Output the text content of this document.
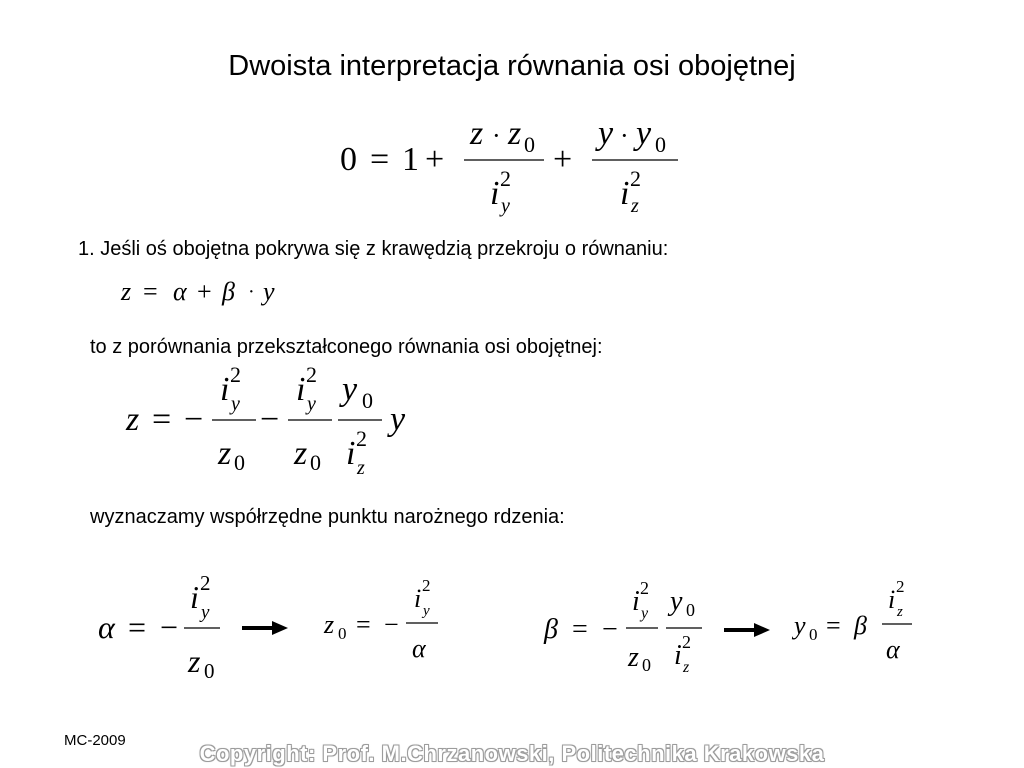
Dwoista interpretacja równania osi obojętnej
0 = 1 +
z · z 0
i 2
y
+
y · y 0
i 2
z
1. Jeśli oś obojętna pokrywa się z krawędzią przekroju o równaniu:
z = α + β · y
to z porównania przekształconego równania osi obojętnej:
z = −
i 2
y
z 0
−
i 2
y
z 0
y 0
i 2
z
y
wyznaczamy współrzędne punktu narożnego rdzenia:
α = −
i 2
y
z 0
z 0 = −
i 2
y
α
β = −
i 2
y
z 0
y 0
i 2
z
y 0 = β
i 2
z
α
MC-2009
Copyright: Prof. M.Chrzanowski, Politechnika Krakowska
